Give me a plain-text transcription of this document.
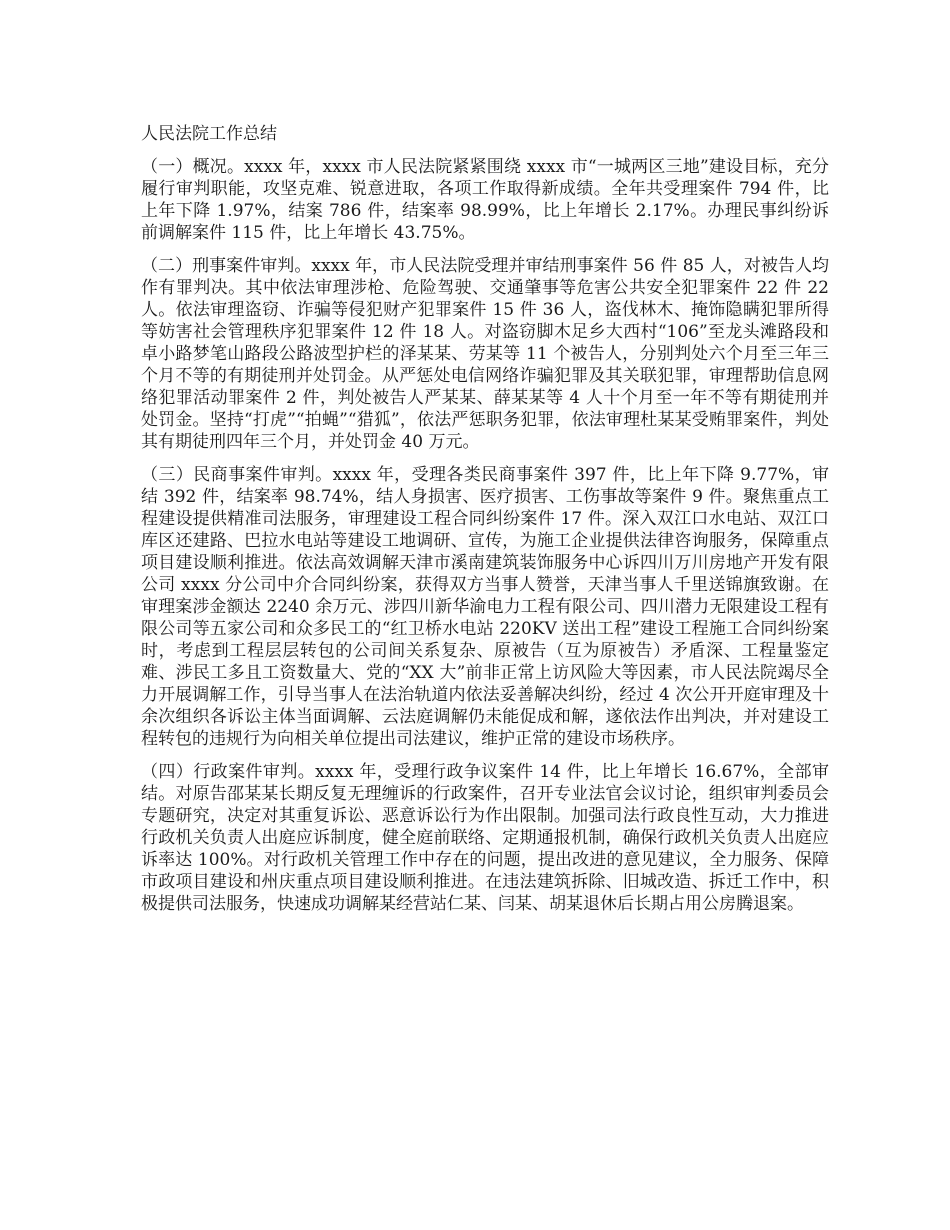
人民法院工作总结

（一）概况。xxxx 年，xxxx 市人民法院紧紧围绕 xxxx 市“一城两区三地”建设目标，充分履行审判职能，攻坚克难、锐意进取，各项工作取得新成绩。全年共受理案件 794 件，比上年下降 1.97%，结案 786 件，结案率 98.99%，比上年增长 2.17%。办理民事纠纷诉前调解案件 115 件，比上年增长 43.75%。

（二）刑事案件审判。xxxx 年，市人民法院受理并审结刑事案件 56 件 85 人，对被告人均作有罪判决。其中依法审理涉枪、危险驾驶、交通肇事等危害公共安全犯罪案件 22 件 22 人。依法审理盗窃、诈骗等侵犯财产犯罪案件 15 件 36 人，盗伐林木、掩饰隐瞒犯罪所得等妨害社会管理秩序犯罪案件 12 件 18 人。对盗窃脚木足乡大西村“106”至龙头滩路段和卓小路梦笔山路段公路波型护栏的泽某某、劳某等 11 个被告人，分别判处六个月至三年三个月不等的有期徒刑并处罚金。从严惩处电信网络诈骗犯罪及其关联犯罪，审理帮助信息网络犯罪活动罪案件 2 件，判处被告人严某某、薛某某等 4 人十个月至一年不等有期徒刑并处罚金。坚持“打虎”“拍蝇”“猎狐”，依法严惩职务犯罪，依法审理杜某某受贿罪案件，判处其有期徒刑四年三个月，并处罚金 40 万元。

（三）民商事案件审判。xxxx 年，受理各类民商事案件 397 件，比上年下降 9.77%，审结 392 件，结案率 98.74%，结人身损害、医疗损害、工伤事故等案件 9 件。聚焦重点工程建设提供精准司法服务，审理建设工程合同纠纷案件 17 件。深入双江口水电站、双江口库区还建路、巴拉水电站等建设工地调研、宣传，为施工企业提供法律咨询服务，保障重点项目建设顺利推进。依法高效调解天津市溪南建筑装饰服务中心诉四川万川房地产开发有限公司 xxxx 分公司中介合同纠纷案，获得双方当事人赞誉，天津当事人千里送锦旗致谢。在审理案涉金额达 2240 余万元、涉四川新华渝电力工程有限公司、四川潜力无限建设工程有限公司等五家公司和众多民工的“红卫桥水电站 220KV 送出工程”建设工程施工合同纠纷案时，考虑到工程层层转包的公司间关系复杂、原被告（互为原被告）矛盾深、工程量鉴定难、涉民工多且工资数量大、党的“XX 大”前非正常上访风险大等因素，市人民法院竭尽全力开展调解工作，引导当事人在法治轨道内依法妥善解决纠纷，经过 4 次公开开庭审理及十余次组织各诉讼主体当面调解、云法庭调解仍未能促成和解，遂依法作出判决，并对建设工程转包的违规行为向相关单位提出司法建议，维护正常的建设市场秩序。

（四）行政案件审判。xxxx 年，受理行政争议案件 14 件，比上年增长 16.67%，全部审结。对原告邵某某长期反复无理缠诉的行政案件，召开专业法官会议讨论，组织审判委员会专题研究，决定对其重复诉讼、恶意诉讼行为作出限制。加强司法行政良性互动，大力推进行政机关负责人出庭应诉制度，健全庭前联络、定期通报机制，确保行政机关负责人出庭应诉率达 100%。对行政机关管理工作中存在的问题，提出改进的意见建议，全力服务、保障市政项目建设和州庆重点项目建设顺利推进。在违法建筑拆除、旧城改造、拆迁工作中，积极提供司法服务，快速成功调解某经营站仁某、闫某、胡某退休后长期占用公房腾退案。
